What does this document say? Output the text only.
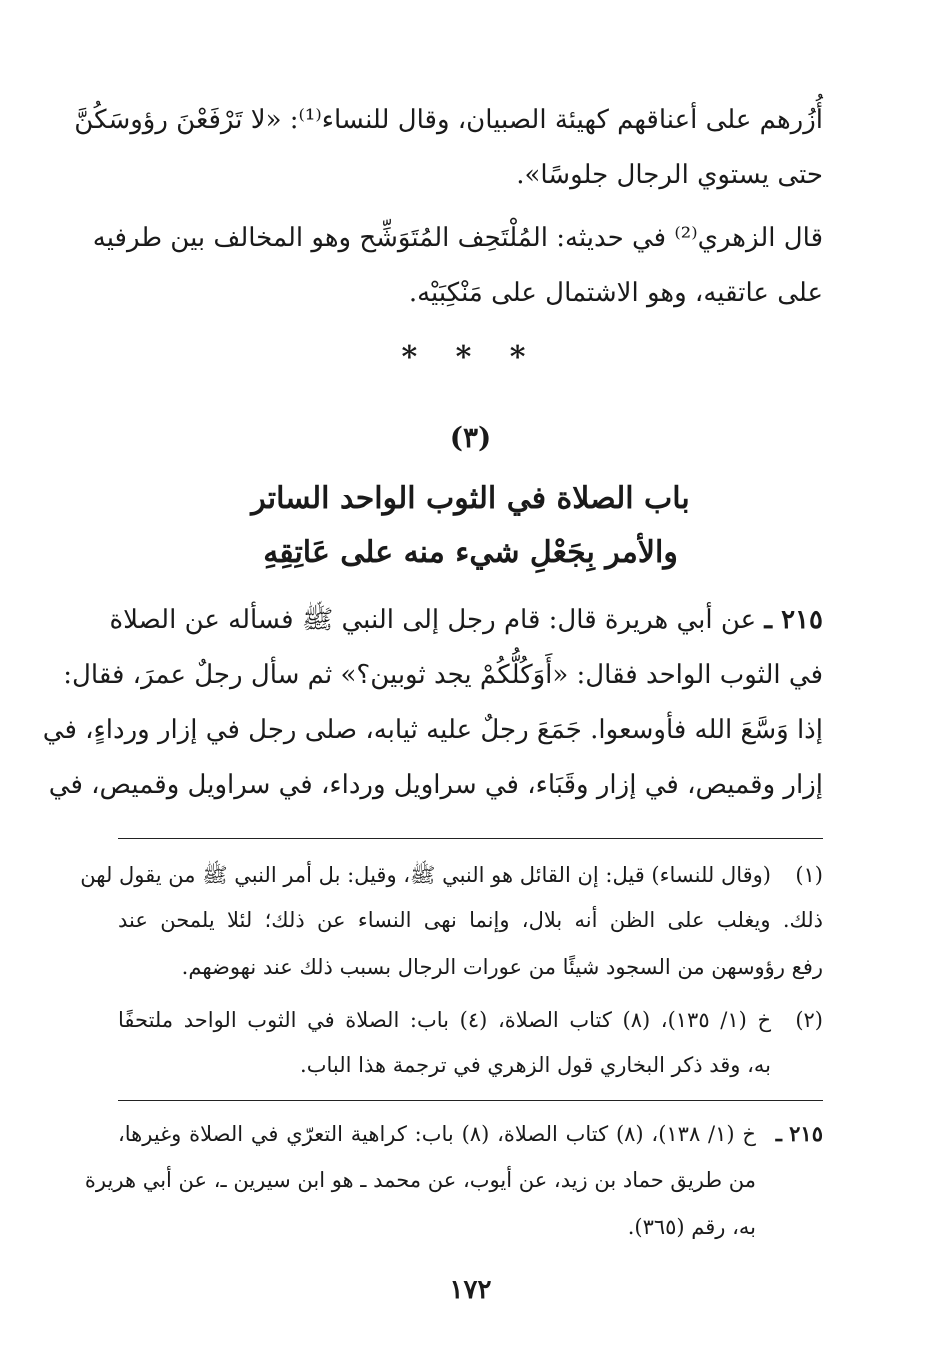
أُزُرهم على أعناقهم كهيئة الصبيان، وقال للنساء⁽¹⁾: «لا تَرْفَعْنَ رؤوسَكُنَّ
حتى يستوي الرجال جلوسًا».
قال الزهري⁽²⁾ في حديثه: المُلْتَحِف المُتَوَشِّح وهو المخالف بين طرفيه
على عاتقيه، وهو الاشتمال على مَنْكِبَيْه.
* * *
(٣)
باب الصلاة في الثوب الواحد الساتر
والأمر بِجَعْلِ شيء منه على عَاتِقِهِ
٢١٥ ـ عن أبي هريرة قال: قام رجل إلى النبي ﷺ فسأله عن الصلاة
في الثوب الواحد فقال: «أَوَكُلُّكُمْ يجد ثوبين؟» ثم سأل رجلٌ عمرَ، فقال:
إذا وَسَّعَ الله فأوسعوا. جَمَعَ رجلٌ عليه ثيابه، صلى رجل في إزار ورداءٍ، في
إزار وقميص، في إزار وقَبَاء، في سراويل ورداء، في سراويل وقميص، في
(١)
(وقال للنساء) قيل: إن القائل هو النبي ﷺ، وقيل: بل أمر النبي ﷺ من يقول لهن
ذلك. ويغلب على الظن أنه بلال، وإنما نهى النساء عن ذلك؛ لئلا يلمحن عند
رفع رؤوسهن من السجود شيئًا من عورات الرجال بسبب ذلك عند نهوضهم.
(٢)
خ (١/ ١٣٥)، (٨) كتاب الصلاة، (٤) باب: الصلاة في الثوب الواحد ملتحفًا
به، وقد ذكر البخاري قول الزهري في ترجمة هذا الباب.
٢١٥ ـ
خ (١/ ١٣٨)، (٨) كتاب الصلاة، (٨) باب: كراهية التعرّي في الصلاة وغيرها،
من طريق حماد بن زيد، عن أيوب، عن محمد ـ هو ابن سيرين ـ، عن أبي هريرة
به، رقم (٣٦٥).
١٧٢
